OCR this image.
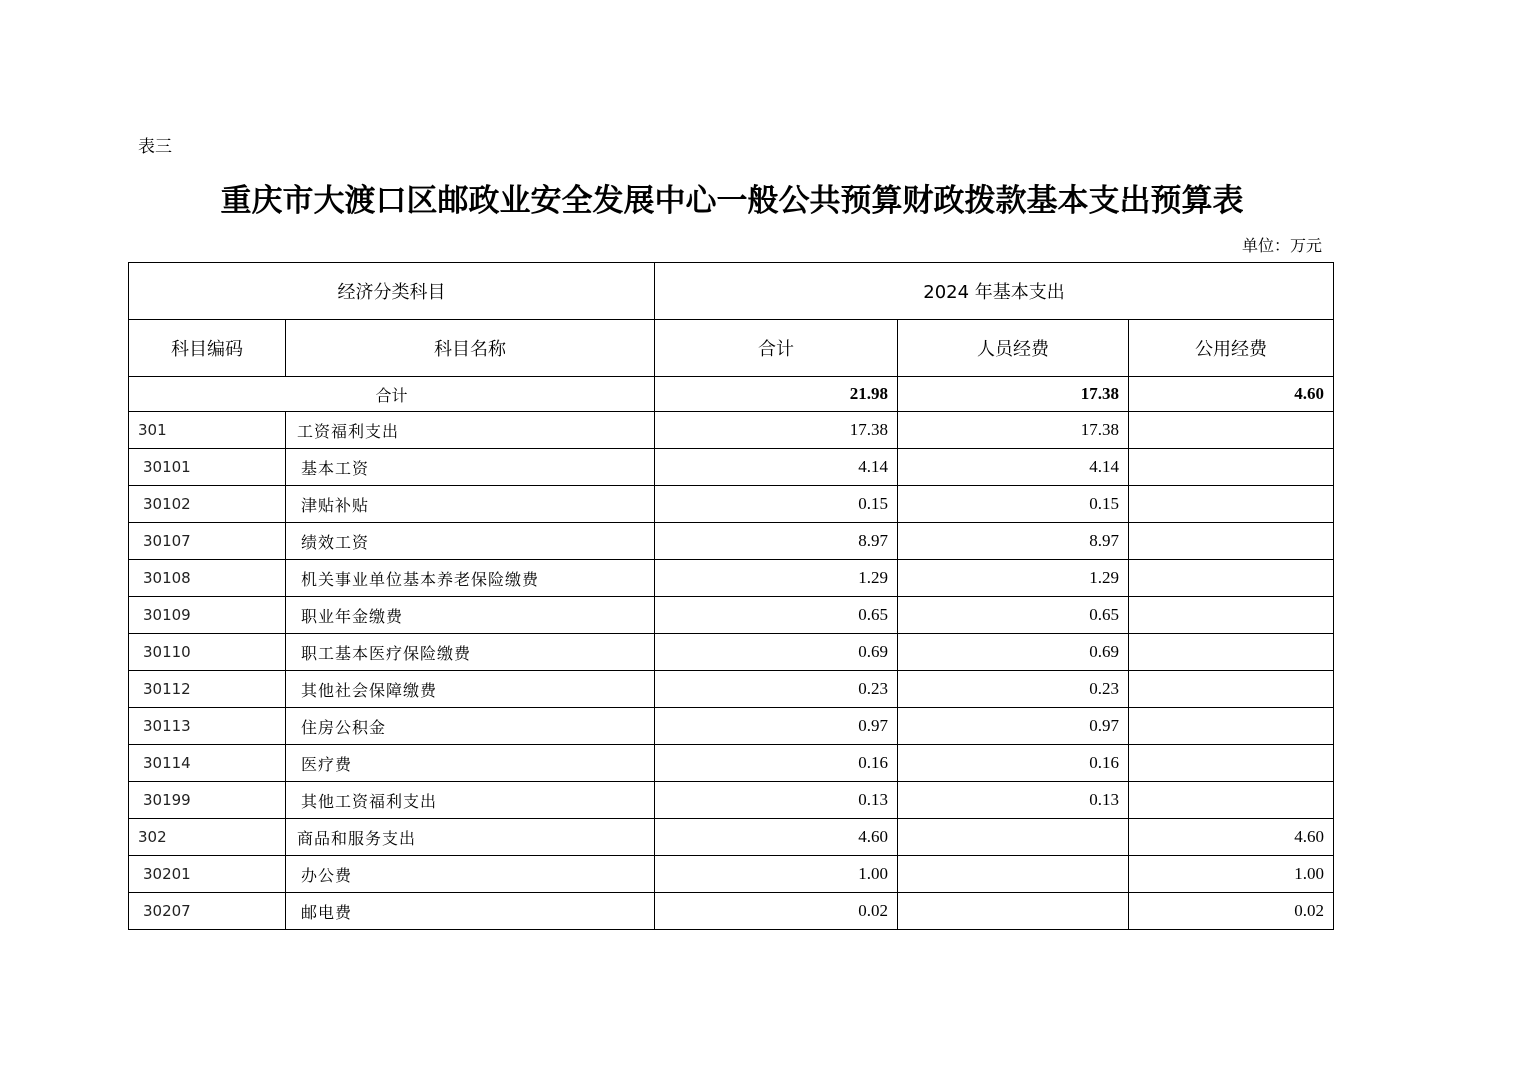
表三
重庆市大渡口区邮政业安全发展中心一般公共预算财政拨款基本支出预算表
单位：万元
经济分类科目		2024 年基本支出		
科目编码	科目名称	合计	人员经费	公用经费
合计		21.98	17.38	4.60
301	工资福利支出	17.38	17.38	
30101	基本工资	4.14	4.14	
30102	津贴补贴	0.15	0.15	
30107	绩效工资	8.97	8.97	
30108	机关事业单位基本养老保险缴费	1.29	1.29	
30109	职业年金缴费	0.65	0.65	
30110	职工基本医疗保险缴费	0.69	0.69	
30112	其他社会保障缴费	0.23	0.23	
30113	住房公积金	0.97	0.97	
30114	医疗费	0.16	0.16	
30199	其他工资福利支出	0.13	0.13	
302	商品和服务支出	4.60		4.60
30201	办公费	1.00		1.00
30207	邮电费	0.02		0.02
